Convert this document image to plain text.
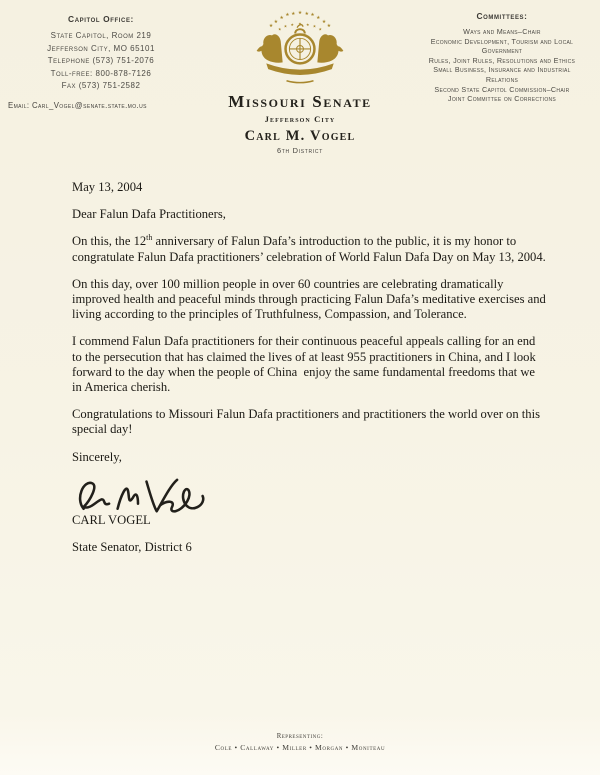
Capitol Office:
State Capitol, Room 219
Jefferson City, MO 65101
Telephone (573) 751-2076
Toll-free: 800-878-7126
Fax (573) 751-2582
Email: Carl_Vogel@senate.state.mo.us
Committees:
Ways and Means–Chair
Economic Development, Tourism and Local Government
Rules, Joint Rules, Resolutions and Ethics
Small Business, Insurance and Industrial Relations
Second State Capitol Commission–Chair
Joint Committee on Corrections
★
★
★
★ ★ ★ ★ ★
★
★
★
★
★ ★ ★ ★ ★
★
Missouri Senate
Jefferson City
Carl M. Vogel
6th District

May 13, 2004

Dear Falun Dafa Practitioners,

On this, the 12th anniversary of Falun Dafa’s introduction to the public, it is my honor to congratulate Falun Dafa practitioners’ celebration of World Falun Dafa Day on May 13, 2004.

On this day, over 100 million people in over 60 countries are celebrating dramatically improved health and peaceful minds through practicing Falun Dafa’s meditative exercises and living according to the principles of Truthfulness, Compassion, and Tolerance.

I commend Falun Dafa practitioners for their continuous peaceful appeals calling for an end to the persecution that has claimed the lives of at least 955 practitioners in China, and I look forward to the day when the people of China  enjoy the same fundamental freedoms that we in America cherish.

Congratulations to Missouri Falun Dafa practitioners and practitioners the world over on this special day!

Sincerely,

CARL VOGEL

State Senator, District 6

Representing:
Cole • Callaway • Miller • Morgan • Moniteau
